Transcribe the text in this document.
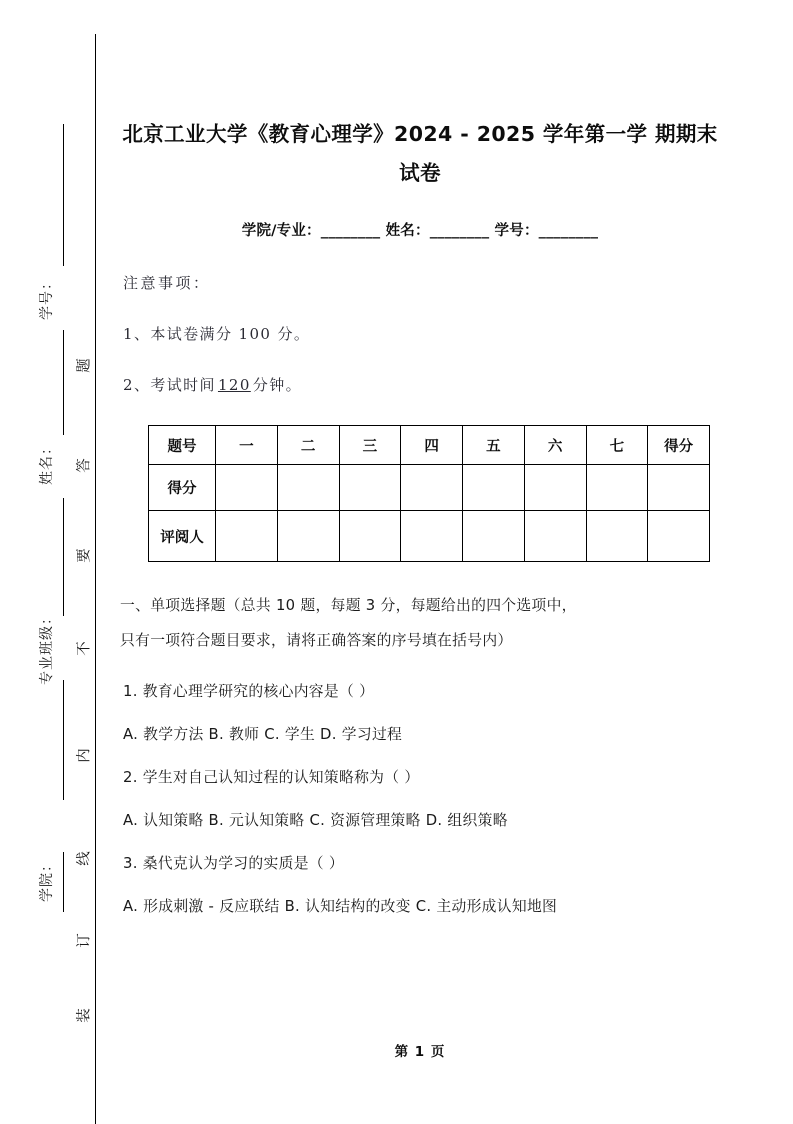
学号：
姓名：
专业班级：
学院：
题
答
要
不
内
线
订
装
北京工业大学《教育心理学》2024 - 2025 学年第一学 期期末试卷
学院/专业：________ 姓名：________ 学号：________
注意事项：
1、本试卷满分 100 分。
2、考试时间 120 分钟。
题号	一	二	三	四	五	六	七	得分
得分								
评阅人								
一、单项选择题（总共 10 题，每题 3 分，每题给出的四个选项中，
只有一项符合题目要求，请将正确答案的序号填在括号内）
1. 教育心理学研究的核心内容是（ ）
A. 教学方法 B. 教师 C. 学生 D. 学习过程
2. 学生对自己认知过程的认知策略称为（ ）
A. 认知策略 B. 元认知策略 C. 资源管理策略 D. 组织策略
3. 桑代克认为学习的实质是（ ）
A. 形成刺激 - 反应联结 B. 认知结构的改变 C. 主动形成认知地图
第 1 页
